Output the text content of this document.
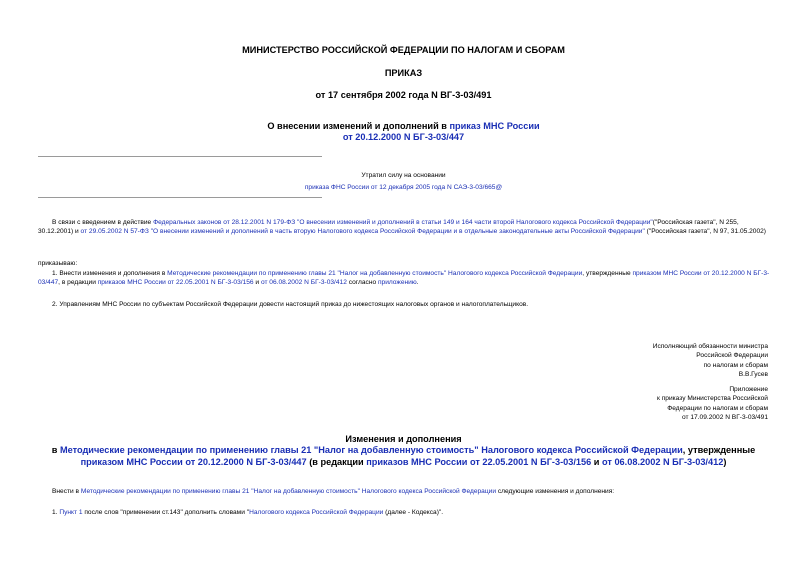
МИНИСТЕРСТВО РОССИЙСКОЙ ФЕДЕРАЦИИ ПО НАЛОГАМ И СБОРАМ
ПРИКАЗ
от 17 сентября 2002 года N ВГ-3-03/491
О внесении изменений и дополнений в приказ МНС России
от 20.12.2000 N БГ-3-03/447
Утратил силу на основании
приказа ФНС России от 12 декабря 2005 года N САЭ-3-03/665@
В связи с введением в действие Федеральных законов от 28.12.2001 N 179-ФЗ "О внесении изменений и дополнений в статьи 149 и 164 части второй Налогового кодекса Российской Федерации"("Российская газета", N 255, 30.12.2001) и от 29.05.2002 N 57-ФЗ "О внесении изменений и дополнений в часть вторую Налогового кодекса Российской Федерации и в отдельные законодательные акты Российской Федерации" ("Российская газета", N 97, 31.05.2002)
приказываю:
1. Внести изменения и дополнения в Методические рекомендации по применению главы 21 "Налог на добавленную стоимость" Налогового кодекса Российской Федерации, утвержденные приказом МНС России от 20.12.2000 N БГ-3-03/447, в редакции приказов МНС России от 22.05.2001 N БГ-3-03/156 и от 06.08.2002 N БГ-3-03/412 согласно приложению.
2. Управлениям МНС России по субъектам Российской Федерации довести настоящий приказ до нижестоящих налоговых органов и налогоплательщиков.
Исполняющий обязанности министра
Российской Федерации
по налогам и сборам
В.В.Гусев
Приложение
к приказу Министерства Российской
Федерации по налогам и сборам
от 17.09.2002 N ВГ-3-03/491
Изменения и дополнения
в Методические рекомендации по применению главы 21 "Налог на добавленную стоимость" Налогового кодекса Российской Федерации, утвержденные приказом МНС России от 20.12.2000 N БГ-3-03/447 (в редакции приказов МНС России от 22.05.2001 N БГ-3-03/156 и от 06.08.2002 N БГ-3-03/412)
Внести в Методические рекомендации по применению главы 21 "Налог на добавленную стоимость" Налогового кодекса Российской Федерации следующие изменения и дополнения:
1. Пункт 1 после слов "применении ст.143" дополнить словами "Налогового кодекса Российской Федерации (далее - Кодекса)".
